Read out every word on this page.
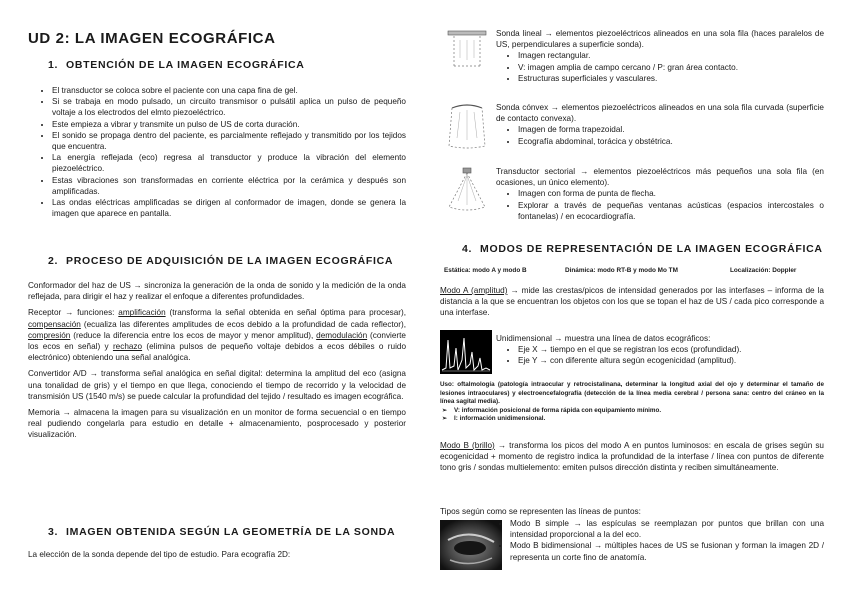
UD 2: LA IMAGEN ECOGRÁFICA
1. OBTENCIÓN DE LA IMAGEN ECOGRÁFICA
• El transductor se coloca sobre el paciente con una capa fina de gel.
• Si se trabaja en modo pulsado, un circuito transmisor o pulsátil aplica un pulso de pequeño voltaje a los electrodos del elmto piezoeléctrico.
• Este empieza a vibrar y transmite un pulso de US de corta duración.
• El sonido se propaga dentro del paciente, es parcialmente reflejado y transmitido por los tejidos que encuentra.
• La energía reflejada (eco) regresa al transductor y produce la vibración del elemento piezoeléctrico.
• Estas vibraciones son transformadas en corriente eléctrica por la cerámica y después son amplificadas.
• Las ondas eléctricas amplificadas se dirigen al conformador de imagen, donde se genera la imagen que aparece en pantalla.
2. PROCESO DE ADQUISICIÓN DE LA IMAGEN ECOGRÁFICA

Conformador del haz de US → sincroniza la generación de la onda de sonido y la medición de la onda reflejada, para dirigir el haz y realizar el enfoque a diferentes profundidades.

Receptor → funciones: amplificación (transforma la señal obtenida en señal óptima para procesar), compensación (ecualiza las diferentes amplitudes de ecos debido a la profundidad de cada reflector), compresión (reduce la diferencia entre los ecos de mayor y menor amplitud), demodulación (convierte los ecos en señal) y rechazo (elimina pulsos de pequeño voltaje debidos a ecos débiles o ruido electrónico) obteniendo una señal analógica.

Convertidor A/D → transforma señal analógica en señal digital: determina la amplitud del eco (asigna una tonalidad de gris) y el tiempo en que llega, conociendo el tiempo de recorrido y la velocidad de transmisión US (1540 m/s) se puede calcular la profundidad del tejido / resultado es imagen ecográfica.

Memoria → almacena la imagen para su visualización en un monitor de forma secuencial o en tiempo real pudiendo congelarla para estudio en detalle + almacenamiento, posprocesado y posterior visualización.

3. IMAGEN OBTENIDA SEGÚN LA GEOMETRÍA DE LA SONDA

La elección de la sonda depende del tipo de estudio. Para ecografía 2D:

Sonda lineal → elementos piezoeléctricos alineados en una sola fila (haces paralelos de US, perpendiculares a superficie sonda).

• Imagen rectangular.
• V: imagen amplia de campo cercano / P: gran área contacto.
• Estructuras superficiales y vasculares.

Sonda cónvex → elementos piezoeléctricos alineados en una sola fila curvada (superficie de contacto convexa).

• Imagen de forma trapezoidal.
• Ecografía abdominal, torácica y obstétrica.

Transductor sectorial → elementos piezoeléctricos más pequeños una sola fila (en ocasiones, un único elemento).

• Imagen con forma de punta de flecha.
• Explorar a través de pequeñas ventanas acústicas (espacios intercostales o fontanelas) / en ecocardiografía.
4. MODOS DE REPRESENTACIÓN DE LA IMAGEN ECOGRÁFICA
Estática: modo A y modo B	Dinámica: modo RT-B y modo Mo TM	Localización: Doppler

Modo A (amplitud) → mide las crestas/picos de intensidad generados por las interfases – informa de la distancia a la que se encuentran los objetos con los que se topan el haz de US / cada pico corresponde a una interfase.

Unidimensional → muestra una línea de datos ecográficos:

• Eje X → tiempo en el que se registran los ecos (profundidad).
• Eje Y → con diferente altura según ecogenicidad (amplitud).

Uso: oftalmología (patología intraocular y retrocistalinana, determinar la longitud axial del ojo y determinar el tamaño de lesiones intraoculares) y electroencefalografía (detección de la línea media cerebral / persona sana: centro del cráneo en la línea sagital media).

➢ V: información posicional de forma rápida con equipamiento mínimo.
➢ I: información unidimensional.

Modo B (brillo) → transforma los picos del modo A en puntos luminosos: en escala de grises según su ecogenicidad + momento de registro indica la profundidad de la interfase / línea con puntos de diferente tono gris / sondas multielemento: emiten pulsos dirección distinta y reciben simultáneamente.

Tipos según como se representen las líneas de puntos:

• Modo B simple → las espículas se reemplazan por puntos que brillan con una intensidad proporcional a la del eco.
• Modo B bidimensional → múltiples haces de US se fusionan y forman la imagen 2D / representa un corte fino de anatomía.
